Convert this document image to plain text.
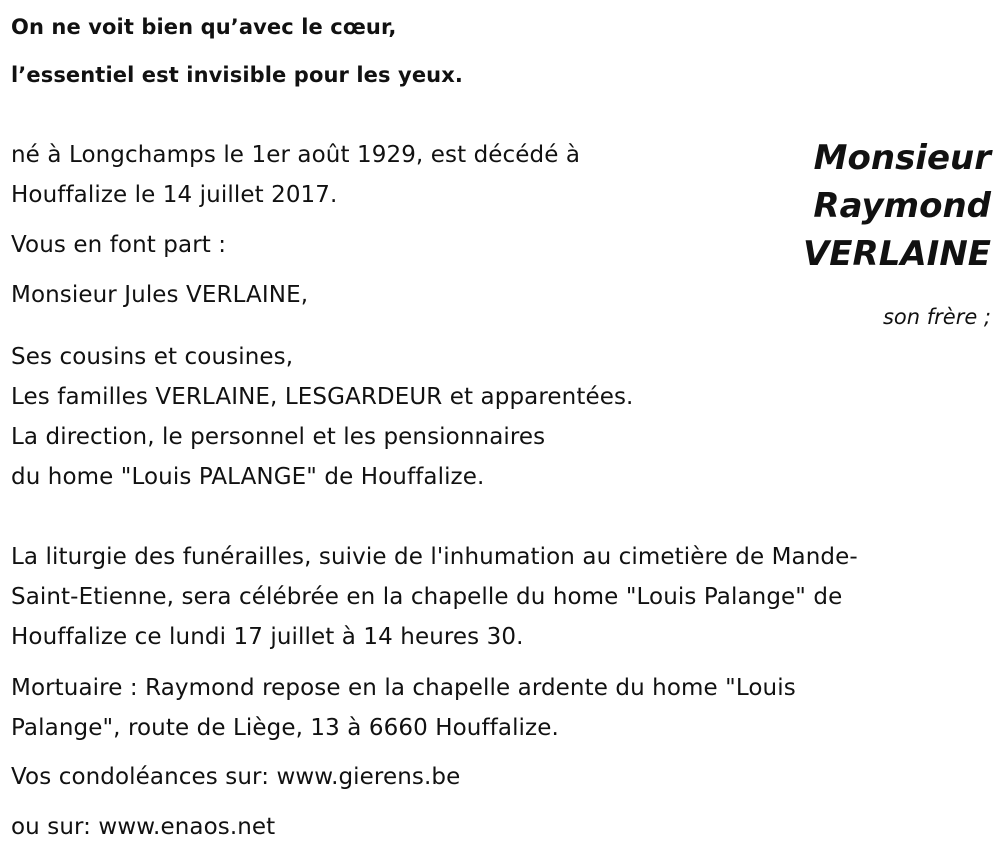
On ne voit bien qu’avec le cœur,
l’essentiel est invisible pour les yeux.
Monsieur
Raymond
VERLAINE
né à Longchamps le 1er août 1929, est décédé à
Houffalize le 14 juillet 2017.
Vous en font part :
Monsieur Jules VERLAINE,
son frère ;
Ses cousins et cousines,
Les familles VERLAINE, LESGARDEUR et apparentées.
La direction, le personnel et les pensionnaires
du home "Louis PALANGE" de Houffalize.
La liturgie des funérailles, suivie de l'inhumation au cimetière de Mande-
Saint-Etienne, sera célébrée en la chapelle du home "Louis Palange" de
Houffalize ce lundi 17 juillet à 14 heures 30.
Mortuaire : Raymond repose en la chapelle ardente du home "Louis
Palange", route de Liège, 13 à 6660 Houffalize.
Vos condoléances sur: www.gierens.be
ou sur: www.enaos.net
